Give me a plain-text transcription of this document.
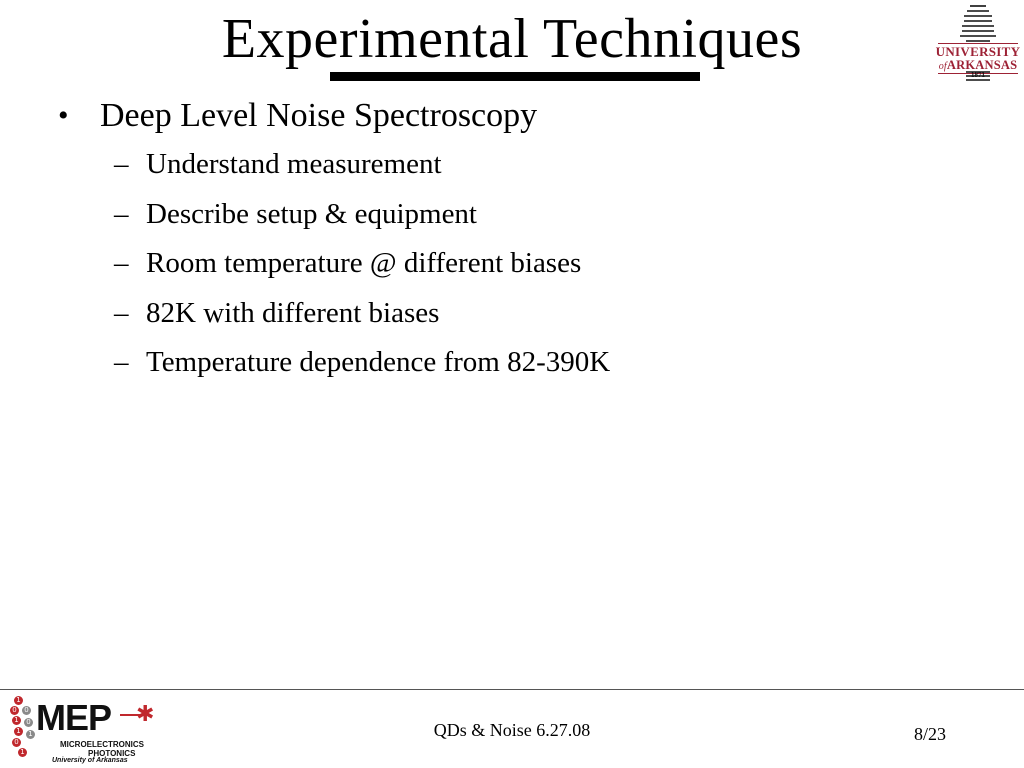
Experimental Techniques	UNIVERSITY
ofARKANSAS
1871

• Deep Level Noise Spectroscopy

– Understand measurement
– Describe setup & equipment
– Room temperature @ different biases
– 82K with different biases
– Temperature dependence from 82-390K
1
0	0
1	0
1	1
0
1
MEP ✱
MICROELECTRONICS
PHOTONICS
University of Arkansas
QDs & Noise 6.27.08	8/23
